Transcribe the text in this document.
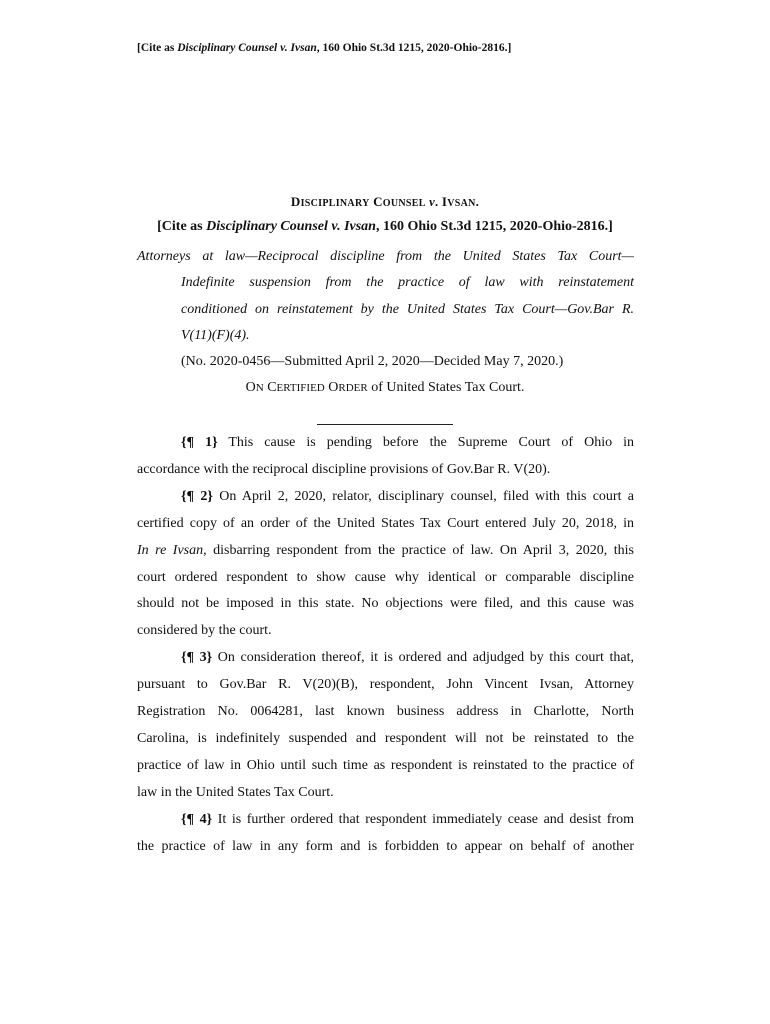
[Cite as Disciplinary Counsel v. Ivsan, 160 Ohio St.3d 1215, 2020-Ohio-2816.]
DISCIPLINARY COUNSEL v. IVSAN.
[Cite as Disciplinary Counsel v. Ivsan, 160 Ohio St.3d 1215, 2020-Ohio-2816.]
Attorneys at law—Reciprocal discipline from the United States Tax Court—
Indefinite suspension from the practice of law with reinstatement
conditioned on reinstatement by the United States Tax Court—Gov.Bar R.
V(11)(F)(4).
(No. 2020-0456—Submitted April 2, 2020—Decided May 7, 2020.)
ON CERTIFIED ORDER of United States Tax Court.
{¶ 1} This cause is pending before the Supreme Court of Ohio in
accordance with the reciprocal discipline provisions of Gov.Bar R. V(20).
{¶ 2} On April 2, 2020, relator, disciplinary counsel, filed with this court a
certified copy of an order of the United States Tax Court entered July 20, 2018, in
In re Ivsan, disbarring respondent from the practice of law. On April 3, 2020, this
court ordered respondent to show cause why identical or comparable discipline
should not be imposed in this state. No objections were filed, and this cause was
considered by the court.
{¶ 3} On consideration thereof, it is ordered and adjudged by this court that,
pursuant to Gov.Bar R. V(20)(B), respondent, John Vincent Ivsan, Attorney
Registration No. 0064281, last known business address in Charlotte, North
Carolina, is indefinitely suspended and respondent will not be reinstated to the
practice of law in Ohio until such time as respondent is reinstated to the practice of
law in the United States Tax Court.
{¶ 4} It is further ordered that respondent immediately cease and desist from
the practice of law in any form and is forbidden to appear on behalf of another
